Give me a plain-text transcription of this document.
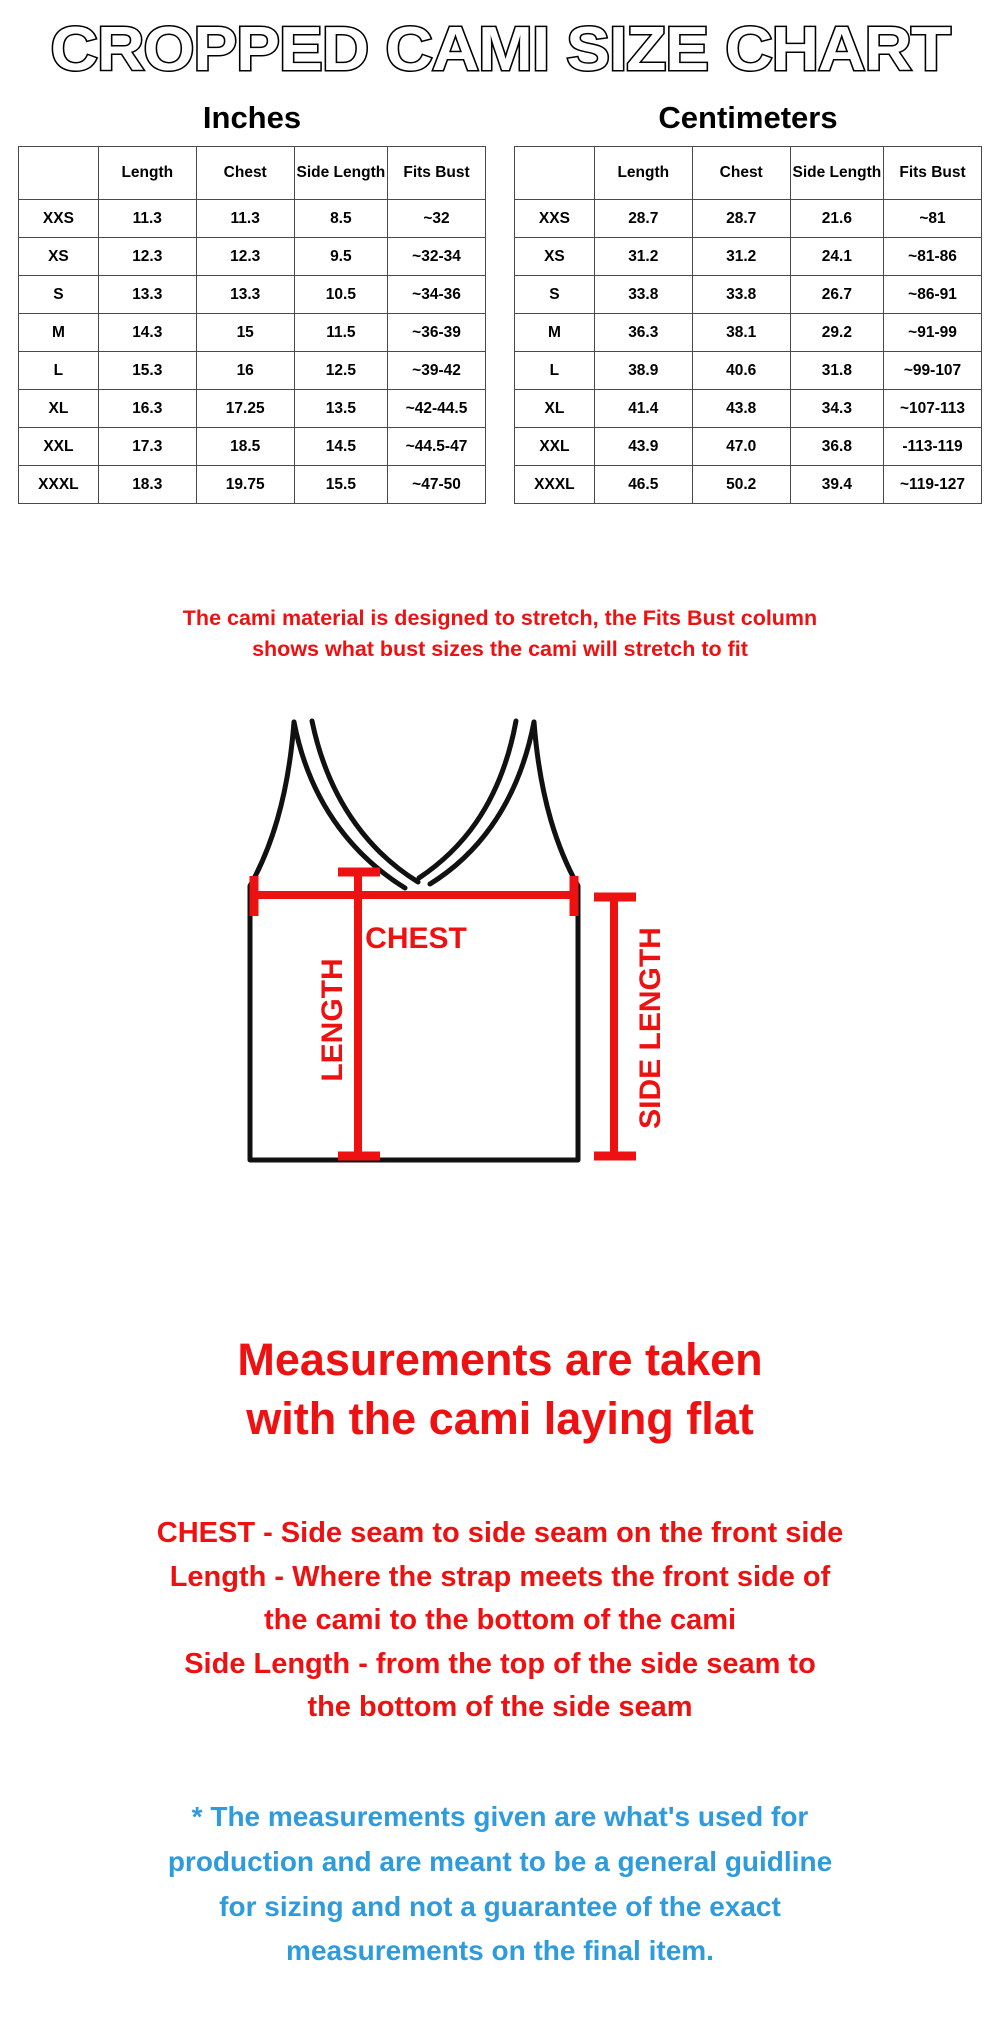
CROPPED CAMI SIZE CHART
Inches
	Length	Chest	Side Length	Fits Bust
XXS	11.3	11.3	8.5	~32
XS	12.3	12.3	9.5	~32-34
S	13.3	13.3	10.5	~34-36
M	14.3	15	11.5	~36-39
L	15.3	16	12.5	~39-42
XL	16.3	17.25	13.5	~42-44.5
XXL	17.3	18.5	14.5	~44.5-47
XXXL	18.3	19.75	15.5	~47-50
Centimeters
	Length	Chest	Side Length	Fits Bust
XXS	28.7	28.7	21.6	~81
XS	31.2	31.2	24.1	~81-86
S	33.8	33.8	26.7	~86-91
M	36.3	38.1	29.2	~91-99
L	38.9	40.6	31.8	~99-107
XL	41.4	43.8	34.3	~107-113
XXL	43.9	47.0	36.8	-113-119
XXXL	46.5	50.2	39.4	~119-127
The cami material is designed to stretch, the Fits Bust column
shows what bust sizes the cami will stretch to fit
CHEST
LENGTH	SIDE LENGTH
Measurements are taken
with the cami laying flat
CHEST - Side seam to side seam on the front side
Length - Where the strap meets the front side of
the cami to the bottom of the cami
Side Length - from the top of the side seam to
the bottom of the side seam
* The measurements given are what's used for
production and are meant to be a general guidline
for sizing and not a guarantee of the exact
measurements on the final item.
